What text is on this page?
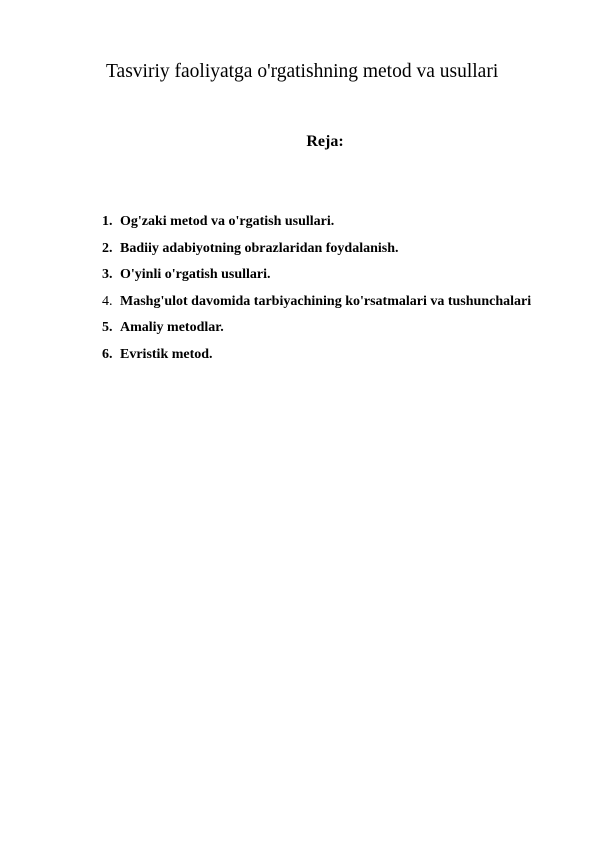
Tasviriy faoliyatga o'rgatishning metod va usullari
Reja:
1. Og'zaki metod va o'rgatish usullari.
2. Badiiy adabiyotning obrazlaridan foydalanish.
3. O'yinli o'rgatish usullari.
4. Mashg'ulot davomida tarbiyachining ko'rsatmalari va tushunchalari
5. Amaliy metodlar.
6. Evristik metod.
